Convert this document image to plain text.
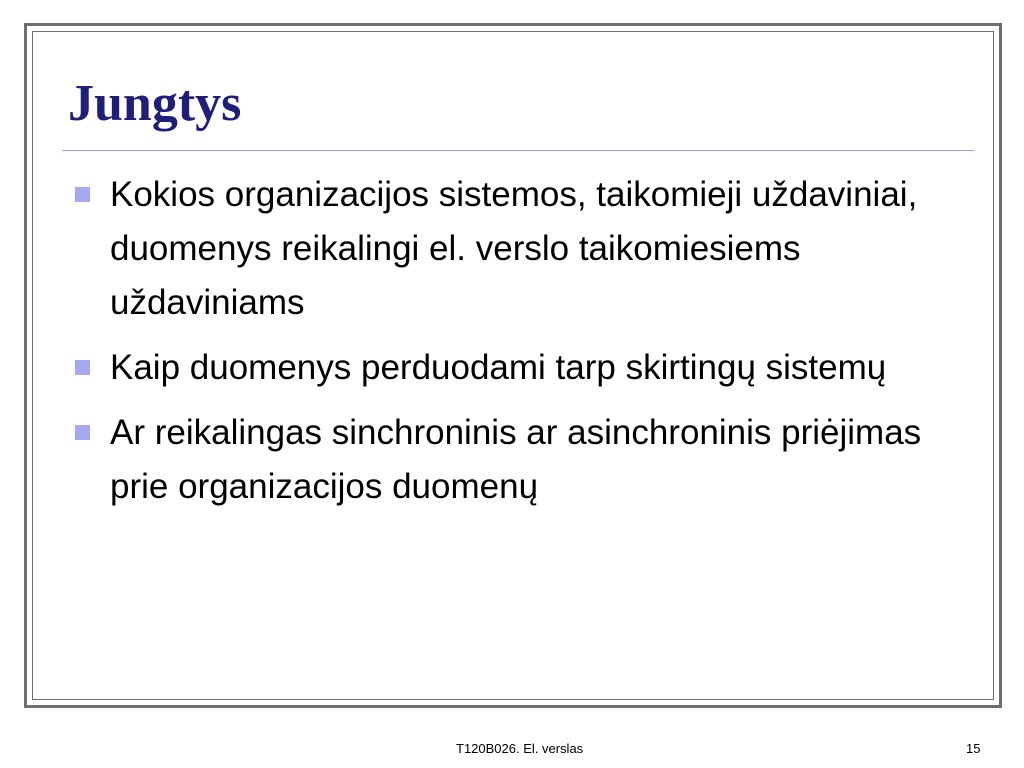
Jungtys
Kokios organizacijos sistemos, taikomieji uždaviniai, duomenys reikalingi el. verslo taikomiesiems uždaviniams
Kaip duomenys perduodami tarp skirtingų sistemų
Ar reikalingas sinchroninis ar asinchroninis priėjimas prie organizacijos duomenų
T120B026. El. verslas	15
